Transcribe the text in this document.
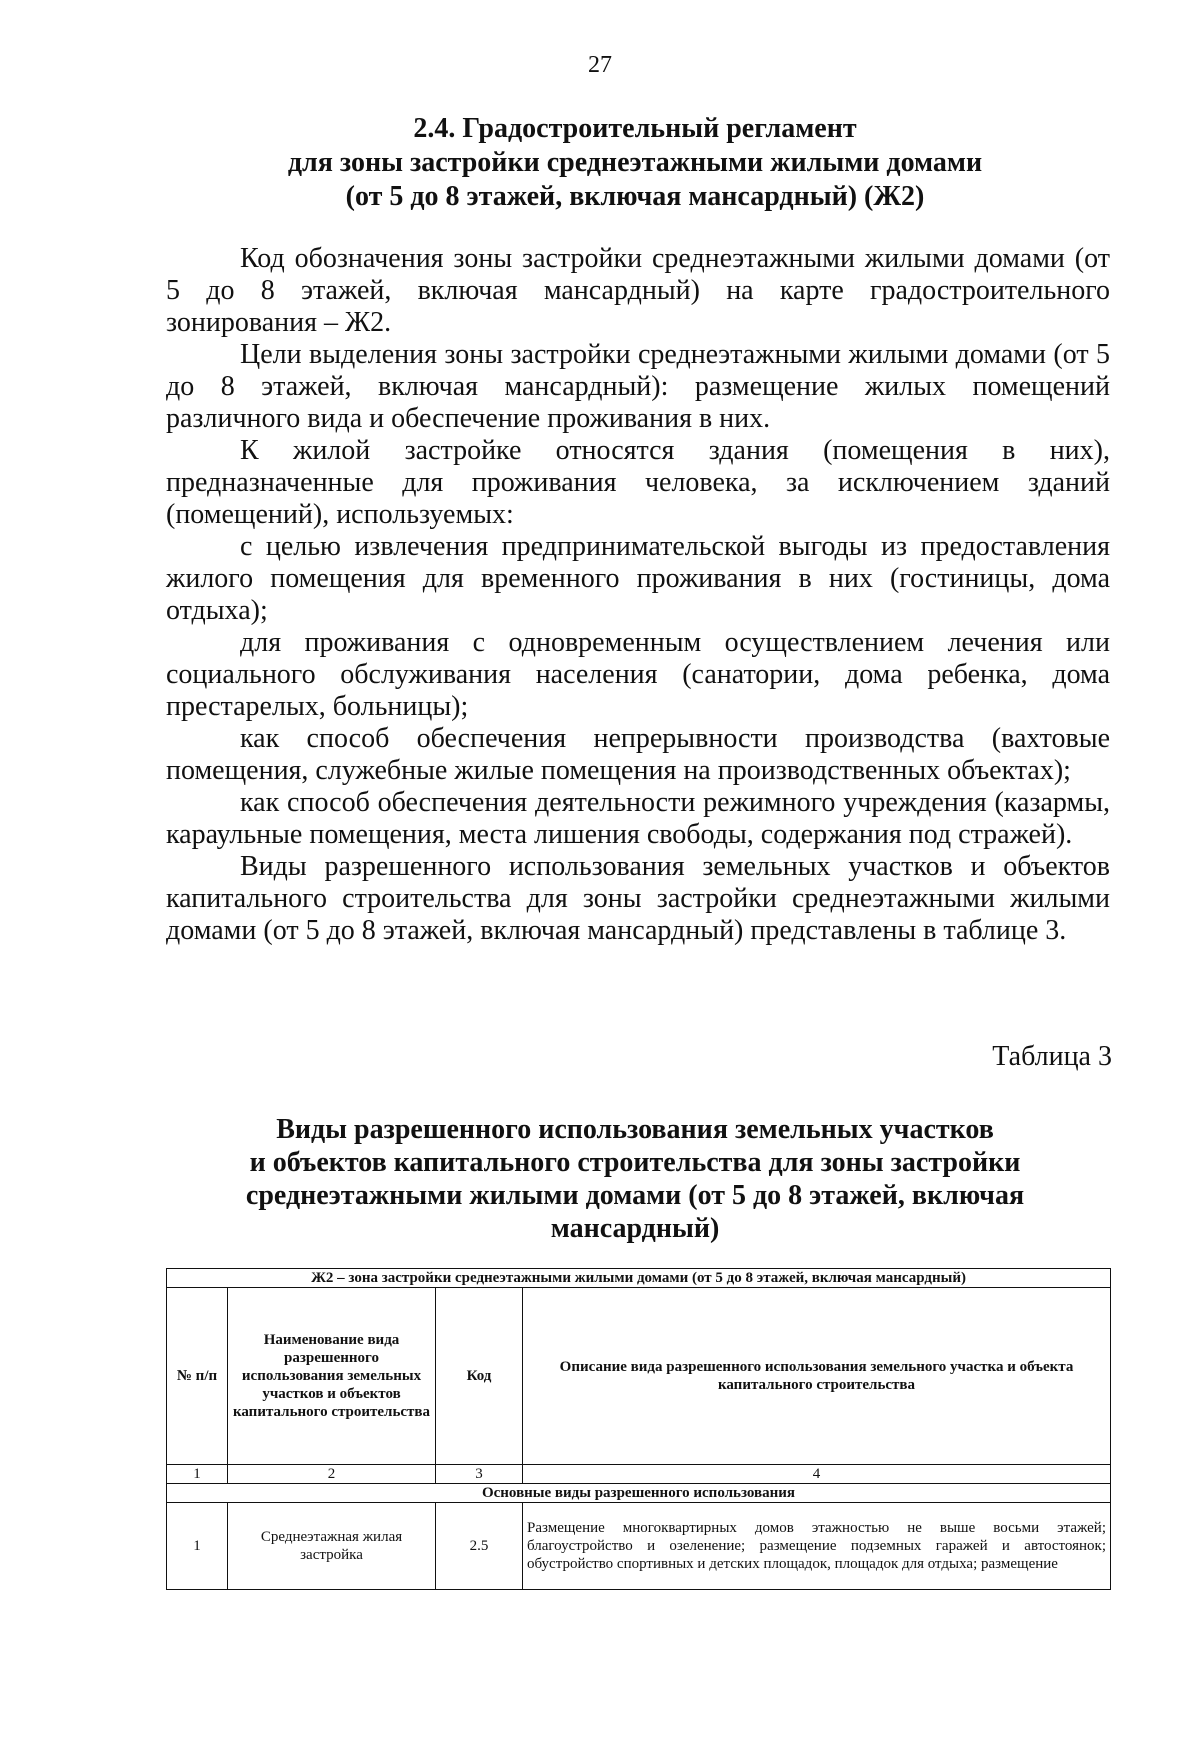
27
2.4. Градостроительный регламент
для зоны застройки среднеэтажными жилыми домами
(от 5 до 8 этажей, включая мансардный) (Ж2)

Код обозначения зоны застройки среднеэтажными жилыми домами (от 5 до 8 этажей, включая мансардный) на карте градостроительного зонирования – Ж2.

Цели выделения зоны застройки среднеэтажными жилыми домами (от 5 до 8 этажей, включая мансардный): размещение жилых помещений различного вида и обеспечение проживания в них.

К жилой застройке относятся здания (помещения в них), предназначенные для проживания человека, за исключением зданий (помещений), используемых:

с целью извлечения предпринимательской выгоды из предоставления жилого помещения для временного проживания в них (гостиницы, дома отдыха);

для проживания с одновременным осуществлением лечения или социального обслуживания населения (санатории, дома ребенка, дома престарелых, больницы);

как способ обеспечения непрерывности производства (вахтовые помещения, служебные жилые помещения на производственных объектах);

как способ обеспечения деятельности режимного учреждения (казармы, караульные помещения, места лишения свободы, содержания под стражей).

Виды разрешенного использования земельных участков и объектов капитального строительства для зоны застройки среднеэтажными жилыми домами (от 5 до 8 этажей, включая мансардный) представлены в таблице 3.

Таблица 3
Виды разрешенного использования земельных участков
и объектов капитального строительства для зоны застройки
среднеэтажными жилыми домами (от 5 до 8 этажей, включая
мансардный)
Ж2 – зона застройки среднеэтажными жилыми домами (от 5 до 8 этажей, включая мансардный)			
№ п/п	Наименование вида разрешенного использования земельных участков и объектов капитального строительства	Код	Описание вида разрешенного использования земельного участка и объекта капитального строительства
1	2	3	4
Основные виды разрешенного использования			
1	Среднеэтажная жилая застройка	2.5	Размещение многоквартирных домов этажностью не выше восьми этажей; благоустройство и озеленение; размещение подземных гаражей и автостоянок; обустройство спортивных и детских площадок, площадок для отдыха; размещение
